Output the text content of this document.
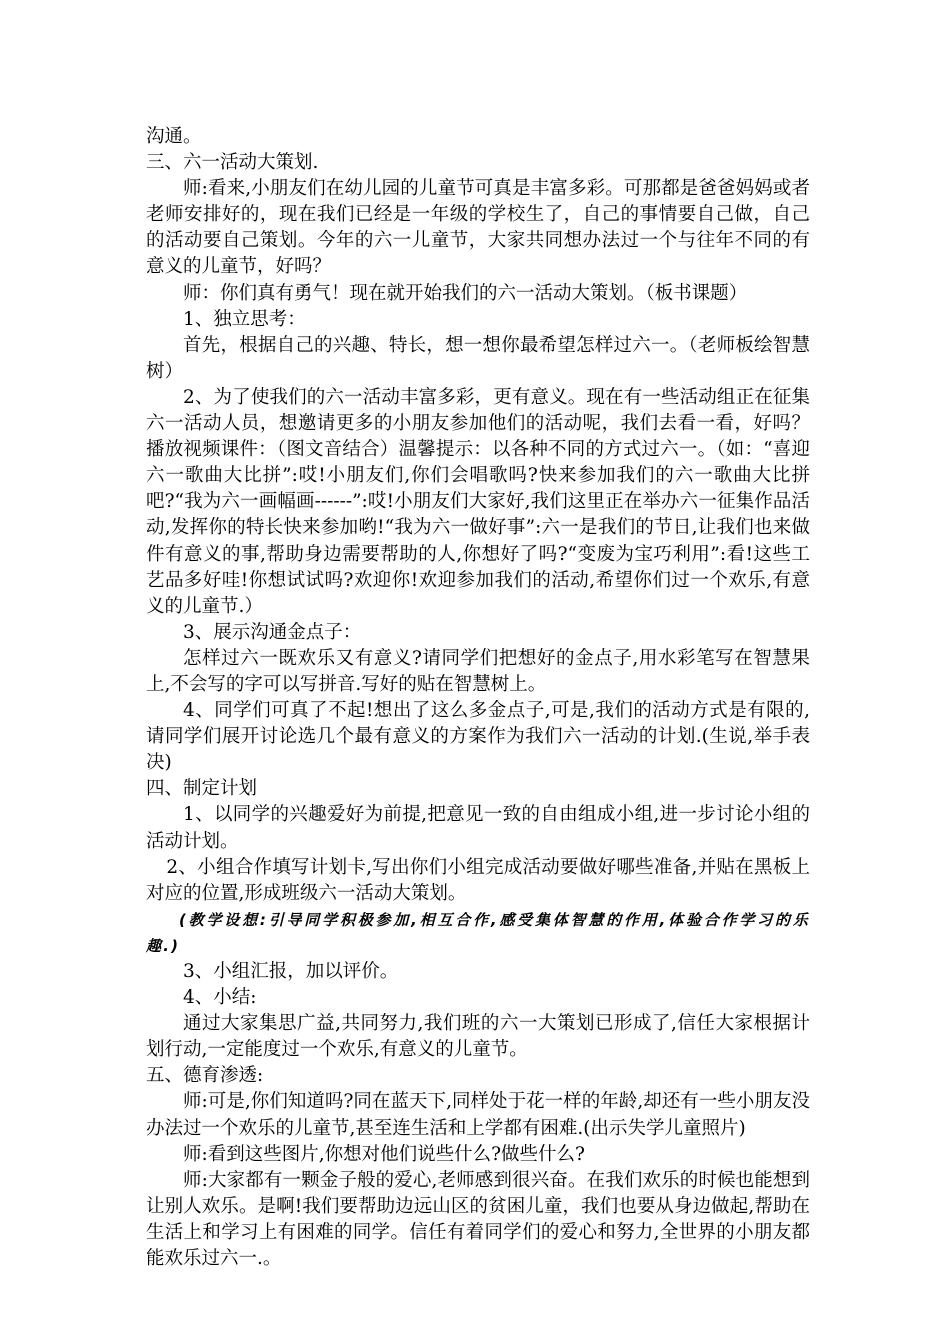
沟通。

三、六一活动大策划.

师:看来,小朋友们在幼儿园的儿童节可真是丰富多彩。可那都是爸爸妈妈或者老师安排好的，现在我们已经是一年级的学校生了，自己的事情要自己做，自己的活动要自己策划。今年的六一儿童节，大家共同想办法过一个与往年不同的有意义的儿童节，好吗？

师：你们真有勇气！现在就开始我们的六一活动大策划。（板书课题）

1、独立思考：

首先，根据自己的兴趣、特长，想一想你最希望怎样过六一。（老师板绘智慧树）

2、为了使我们的六一活动丰富多彩，更有意义。现在有一些活动组正在征集六一活动人员，想邀请更多的小朋友参加他们的活动呢，我们去看一看，好吗？播放视频课件：（图文音结合）温馨提示：以各种不同的方式过六一。（如：“喜迎六一歌曲大比拼”:哎!小朋友们,你们会唱歌吗?快来参加我们的六一歌曲大比拼吧?“我为六一画幅画------”:哎!小朋友们大家好,我们这里正在举办六一征集作品活动,发挥你的特长快来参加哟!“我为六一做好事”:六一是我们的节日,让我们也来做件有意义的事,帮助身边需要帮助的人,你想好了吗?“变废为宝巧利用”:看!这些工艺品多好哇!你想试试吗?欢迎你!欢迎参加我们的活动,希望你们过一个欢乐,有意义的儿童节.）

3、展示沟通金点子：

怎样过六一既欢乐又有意义?请同学们把想好的金点子,用水彩笔写在智慧果上,不会写的字可以写拼音.写好的贴在智慧树上。

4、同学们可真了不起!想出了这么多金点子,可是,我们的活动方式是有限的,请同学们展开讨论选几个最有意义的方案作为我们六一活动的计划.(生说,举手表决)

四、制定计划

1、以同学的兴趣爱好为前提,把意见一致的自由组成小组,进一步讨论小组的活动计划。

2、小组合作填写计划卡,写出你们小组完成活动要做好哪些准备,并贴在黑板上对应的位置,形成班级六一活动大策划。

(教学设想:引导同学积极参加,相互合作,感受集体智慧的作用,体验合作学习的乐趣.)

3、小组汇报，加以评价。

4、小结:

通过大家集思广益,共同努力,我们班的六一大策划已形成了,信任大家根据计划行动,一定能度过一个欢乐,有意义的儿童节。

五、德育渗透:

师:可是,你们知道吗?同在蓝天下,同样处于花一样的年龄,却还有一些小朋友没办法过一个欢乐的儿童节,甚至连生活和上学都有困难.(出示失学儿童照片)

师:看到这些图片,你想对他们说些什么?做些什么?

师:大家都有一颗金子般的爱心,老师感到很兴奋。在我们欢乐的时候也能想到让别人欢乐。是啊!我们要帮助边远山区的贫困儿童，我们也要从身边做起,帮助在生活上和学习上有困难的同学。信任有着同学们的爱心和努力,全世界的小朋友都能欢乐过六一.。
